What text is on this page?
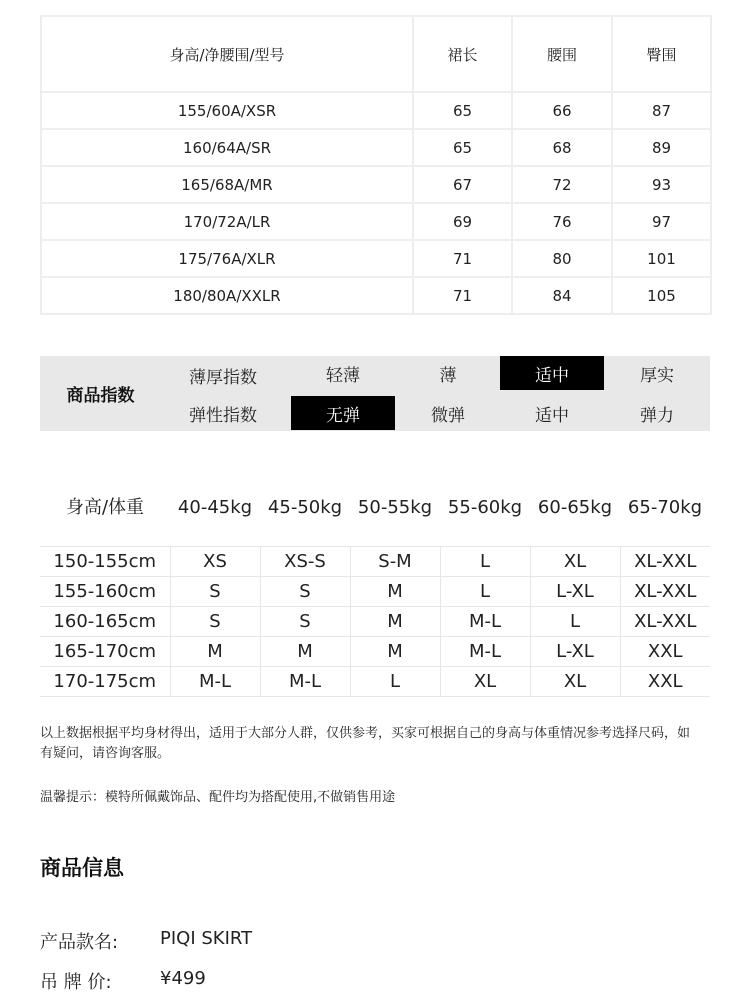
身高/净腰围/型号	裙长	腰围	臀围
155/60A/XSR	65	66	87
160/64A/SR	65	68	89
165/68A/MR	67	72	93
170/72A/LR	69	76	97
175/76A/XLR	71	80	101
180/80A/XXLR	71	84	105
商品指数
薄厚指数	轻薄	薄	适中	厚实
弹性指数	无弹	微弹	适中	弹力
身高/体重	40-45kg 45-50kg 50-55kg 55-60kg 60-65kg 65-70kg
150-155cm	XS	XS-S	S-M	L	XL	XL-XXL
155-160cm	S	S	M	L	L-XL	XL-XXL
160-165cm	S	S	M	M-L	L	XL-XXL
165-170cm	M	M	M	M-L	L-XL	XXL
170-175cm	M-L	M-L	L	XL	XL	XXL
以上数据根据平均身材得出，适用于大部分人群，仅供参考，买家可根据自己的身高与体重情况参考选择尺码，如有疑问，请咨询客服。
温馨提示：模特所佩戴饰品、配件均为搭配使用,不做销售用途
商品信息
产品款名: PIQI SKIRT
吊 牌 价:	¥499
